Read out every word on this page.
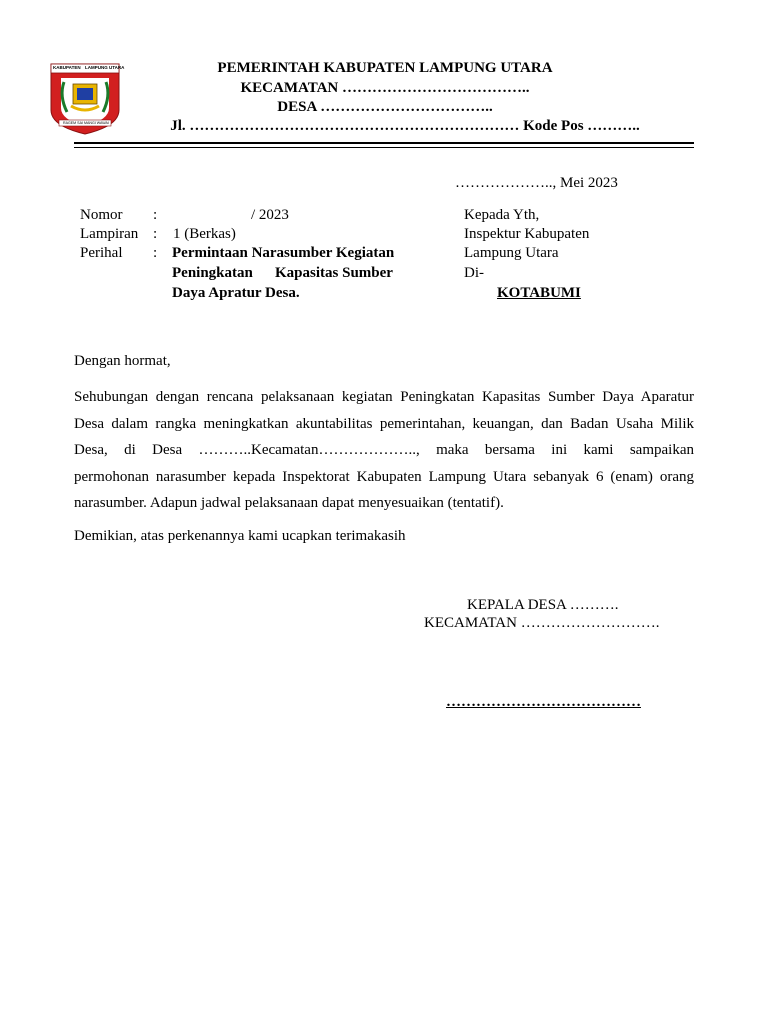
KABUPATEN LAMPUNG UTARA
RAGEM SAI MANGI WAWAI
PEMERINTAH KABUPATEN LAMPUNG UTARA
KECAMATAN ………………………………..
DESA ……………………………..
Jl. ………………………………………………………… Kode Pos ………..
……………….., Mei 2023
Nomor :	/ 2023
Lampiran : 1 (Berkas)
Perihal : Permintaan Narasumber Kegiatan
Peningkatan Kapasitas Sumber
Daya Apratur Desa.
Kepada Yth,
Inspektur Kabupaten
Lampung Utara
Di-
KOTABUMI
Dengan hormat,
Sehubungan dengan rencana pelaksanaan kegiatan Peningkatan Kapasitas Sumber Daya Aparatur
Desa dalam rangka meningkatkan akuntabilitas pemerintahan, keuangan, dan Badan Usaha Milik
Desa, di Desa ………..Kecamatan……………….., maka bersama ini kami sampaikan
permohonan narasumber kepada Inspektorat Kabupaten Lampung Utara sebanyak 6 (enam) orang
narasumber. Adapun jadwal pelaksanaan dapat menyesuaikan (tentatif).
Demikian, atas perkenannya kami ucapkan terimakasih
KEPALA DESA ……….
KECAMATAN ……………………….
…………………………………
